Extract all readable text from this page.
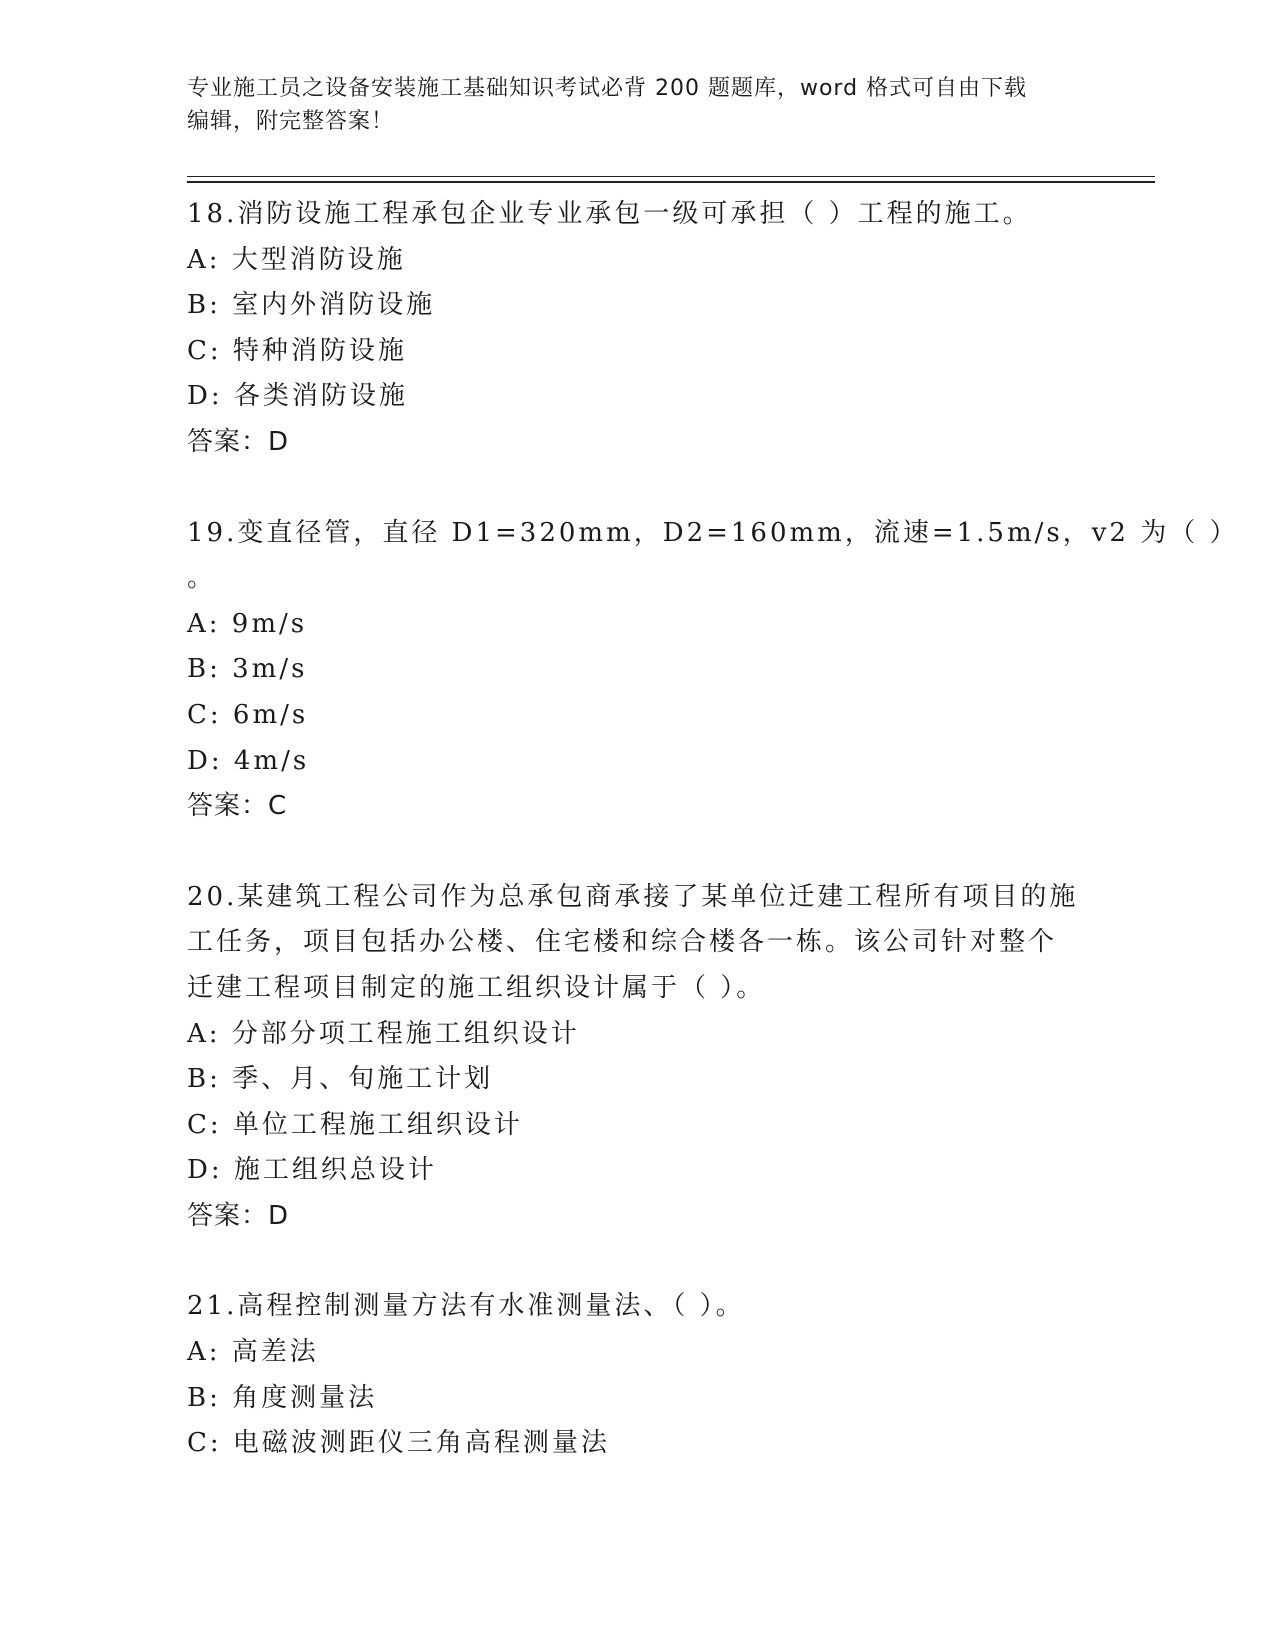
专业施工员之设备安装施工基础知识考试必背 200 题题库，word 格式可自由下载
编辑，附完整答案！
18.消防设施工程承包企业专业承包一级可承担（ ）工程的施工。
A: 大型消防设施
B: 室内外消防设施
C: 特种消防设施
D: 各类消防设施
答案：D
19.变直径管，直径 D1=320mm，D2=160mm，流速=1.5m/s，v2 为（ ）
。
A: 9m/s
B: 3m/s
C: 6m/s
D: 4m/s
答案：C
20.某建筑工程公司作为总承包商承接了某单位迁建工程所有项目的施
工任务，项目包括办公楼、住宅楼和综合楼各一栋。该公司针对整个
迁建工程项目制定的施工组织设计属于（ ）。
A: 分部分项工程施工组织设计
B: 季、月、旬施工计划
C: 单位工程施工组织设计
D: 施工组织总设计
答案：D
21.高程控制测量方法有水准测量法、（ ）。
A: 高差法
B: 角度测量法
C: 电磁波测距仪三角高程测量法
